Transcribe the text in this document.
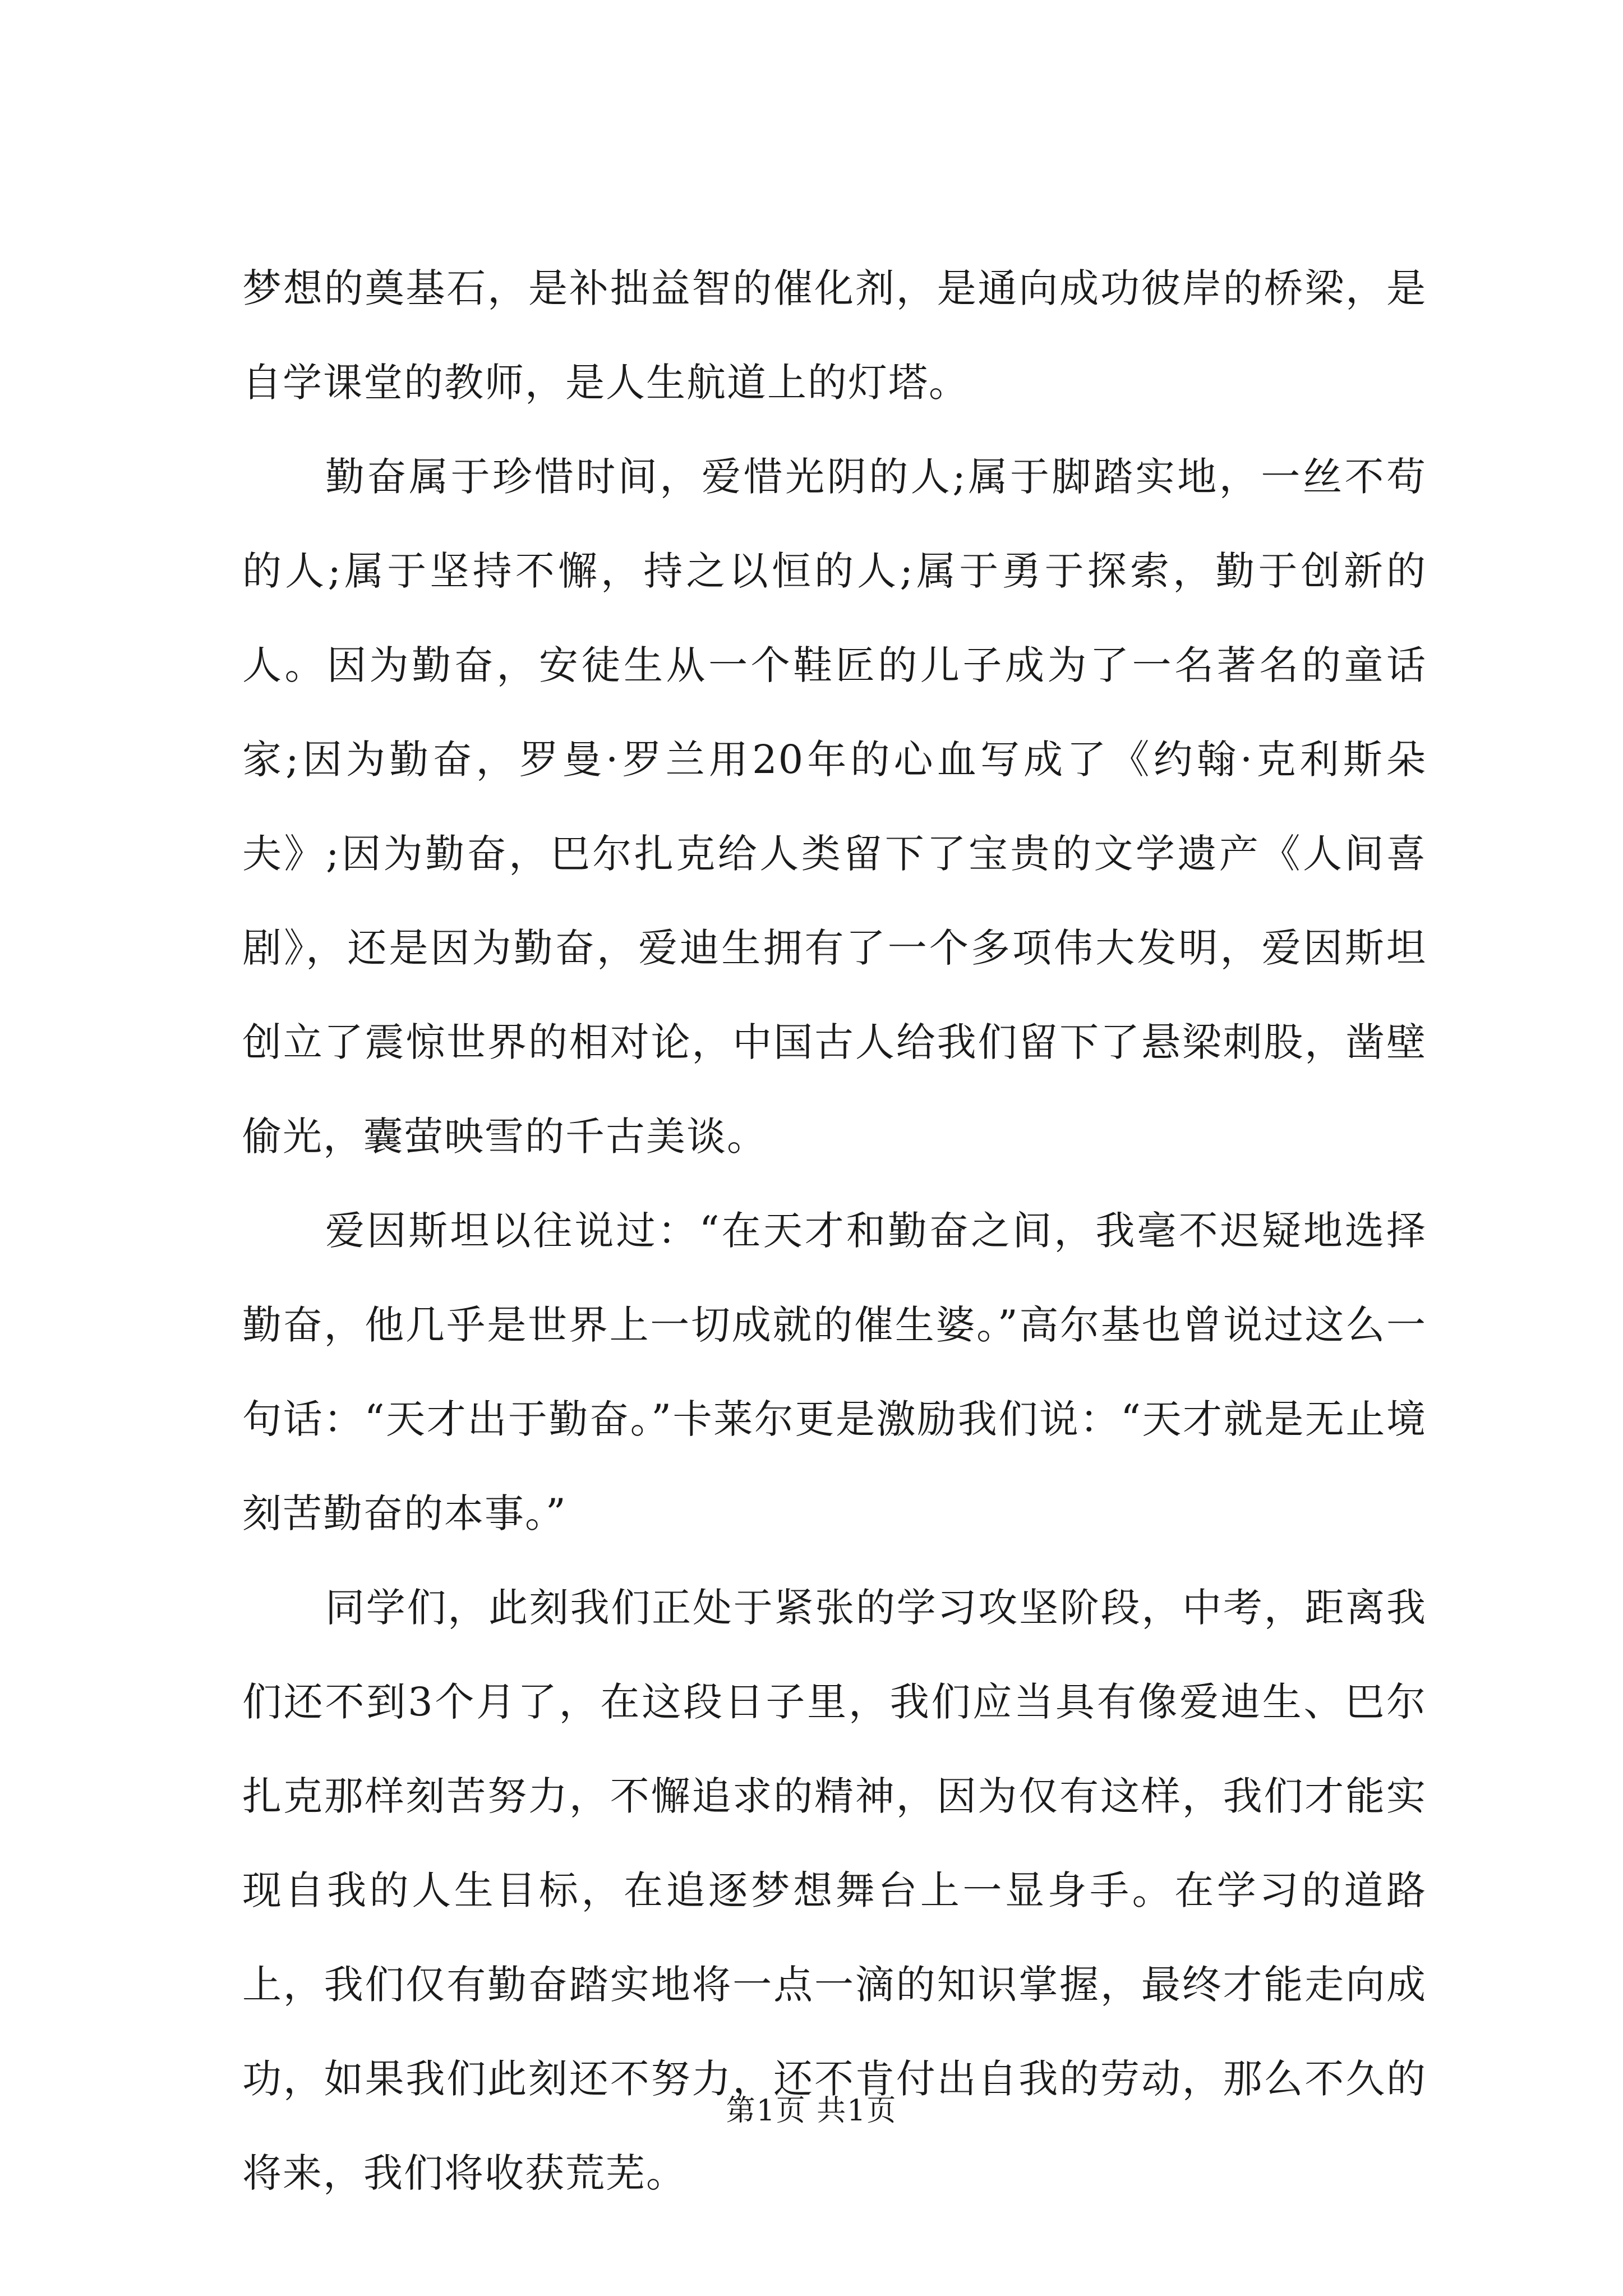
梦想的奠基石，是补拙益智的催化剂，是通向成功彼岸的桥梁，是自学课堂的教师，是人生航道上的灯塔。

勤奋属于珍惜时间，爱惜光阴的人;属于脚踏实地，一丝不苟的人;属于坚持不懈，持之以恒的人;属于勇于探索，勤于创新的人。因为勤奋，安徒生从一个鞋匠的儿子成为了一名著名的童话家;因为勤奋，罗曼·罗兰用20年的心血写成了《约翰·克利斯朵夫》;因为勤奋，巴尔扎克给人类留下了宝贵的文学遗产《人间喜剧》，还是因为勤奋，爱迪生拥有了一个多项伟大发明，爱因斯坦创立了震惊世界的相对论，中国古人给我们留下了悬梁刺股，凿壁偷光，囊萤映雪的千古美谈。

爱因斯坦以往说过：“在天才和勤奋之间，我毫不迟疑地选择勤奋，他几乎是世界上一切成就的催生婆。”高尔基也曾说过这么一句话：“天才出于勤奋。”卡莱尔更是激励我们说：“天才就是无止境刻苦勤奋的本事。”

同学们，此刻我们正处于紧张的学习攻坚阶段，中考，距离我们还不到3个月了，在这段日子里，我们应当具有像爱迪生、巴尔扎克那样刻苦努力，不懈追求的精神，因为仅有这样，我们才能实现自我的人生目标，在追逐梦想舞台上一显身手。在学习的道路上，我们仅有勤奋踏实地将一点一滴的知识掌握，最终才能走向成功，如果我们此刻还不努力，还不肯付出自我的劳动，那么不久的将来，我们将收获荒芜。

第1页 共1页
